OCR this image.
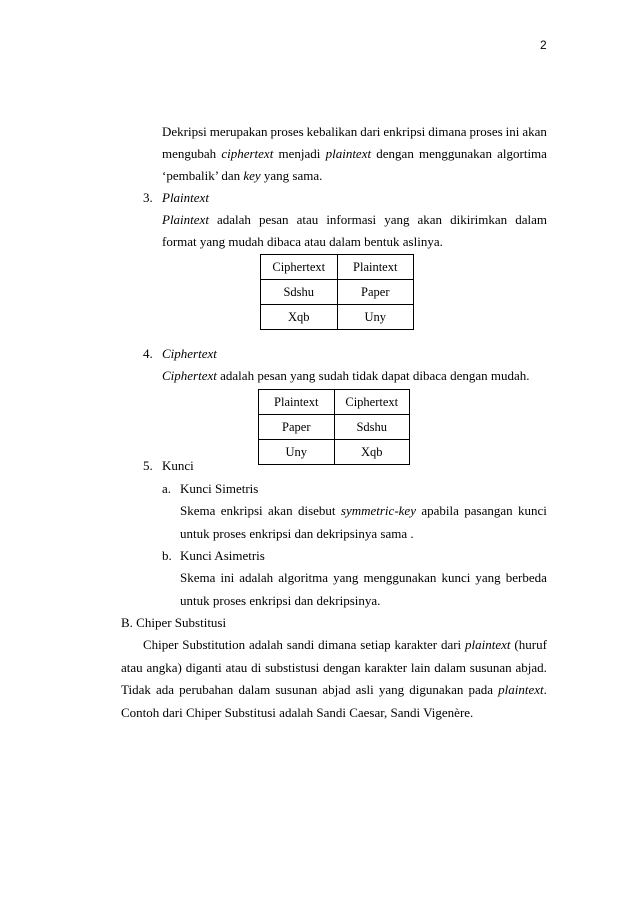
2
Dekripsi merupakan proses kebalikan dari enkripsi dimana proses ini akan
mengubah ciphertext menjadi plaintext dengan menggunakan algortima
‘pembalik’ dan key yang sama.
3. Plaintext
Plaintext adalah pesan atau informasi yang akan dikirimkan dalam
format yang mudah dibaca atau dalam bentuk aslinya.
Ciphertext	Plaintext
Sdshu	Paper
Xqb	Uny
4. Ciphertext
Ciphertext adalah pesan yang sudah tidak dapat dibaca dengan mudah.
Plaintext	Ciphertext
Paper	Sdshu
Uny	Xqb
5. Kunci
a. Kunci Simetris
Skema enkripsi akan disebut symmetric-key apabila pasangan kunci
untuk proses enkripsi dan dekripsinya sama .
b. Kunci Asimetris
Skema ini adalah algoritma yang menggunakan kunci yang berbeda
untuk proses enkripsi dan dekripsinya.
B. Chiper Substitusi
Chiper Substitution adalah sandi dimana setiap karakter dari plaintext (huruf
atau angka) diganti atau di substistusi dengan karakter lain dalam susunan abjad.
Tidak ada perubahan dalam susunan abjad asli yang digunakan pada plaintext.
Contoh dari Chiper Substitusi adalah Sandi Caesar, Sandi Vigenère.
